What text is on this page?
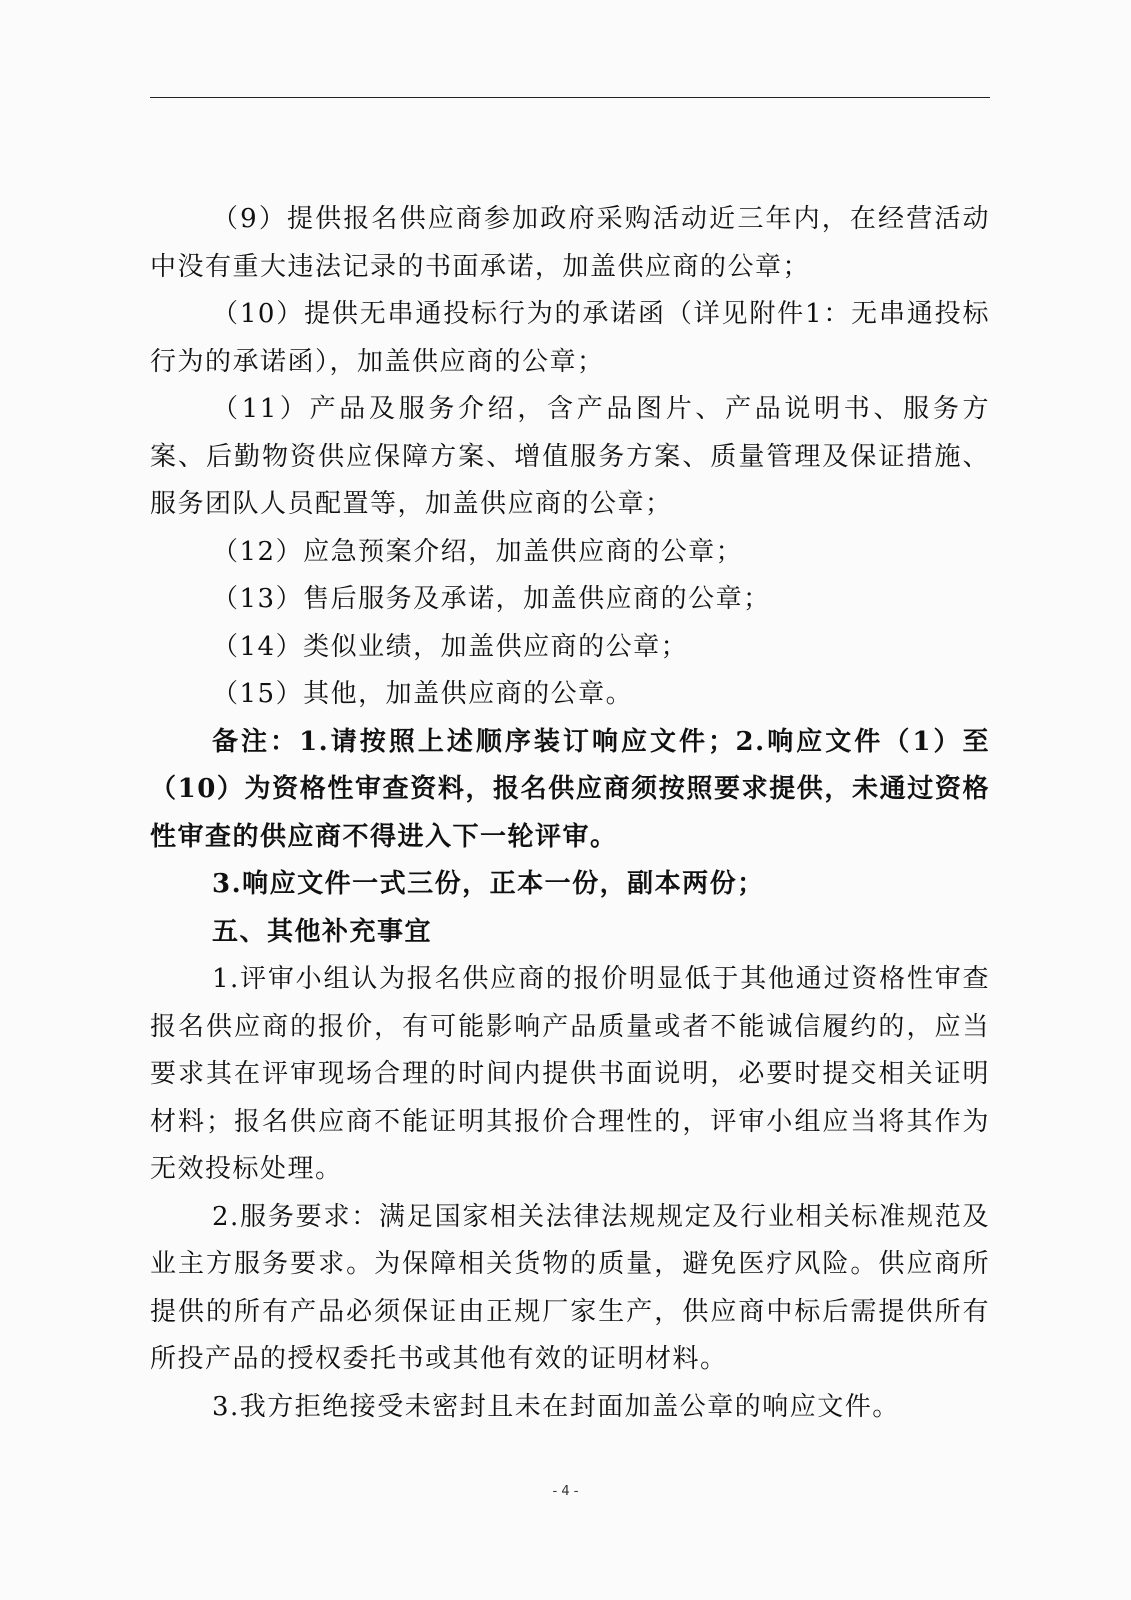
（9）提供报名供应商参加政府采购活动近三年内，在经营活动中没有重大违法记录的书面承诺，加盖供应商的公章；

（10）提供无串通投标行为的承诺函（详见附件1：无串通投标行为的承诺函），加盖供应商的公章；

（11）产品及服务介绍，含产品图片、产品说明书、服务方案、后勤物资供应保障方案、增值服务方案、质量管理及保证措施、服务团队人员配置等，加盖供应商的公章；

（12）应急预案介绍，加盖供应商的公章；

（13）售后服务及承诺，加盖供应商的公章；

（14）类似业绩，加盖供应商的公章；

（15）其他，加盖供应商的公章。

备注：1.请按照上述顺序装订响应文件；2.响应文件（1）至（10）为资格性审查资料，报名供应商须按照要求提供，未通过资格性审查的供应商不得进入下一轮评审。

3.响应文件一式三份，正本一份，副本两份；

五、其他补充事宜

1.评审小组认为报名供应商的报价明显低于其他通过资格性审查报名供应商的报价，有可能影响产品质量或者不能诚信履约的，应当要求其在评审现场合理的时间内提供书面说明，必要时提交相关证明材料；报名供应商不能证明其报价合理性的，评审小组应当将其作为无效投标处理。

2.服务要求：满足国家相关法律法规规定及行业相关标准规范及业主方服务要求。为保障相关货物的质量，避免医疗风险。供应商所提供的所有产品必须保证由正规厂家生产，供应商中标后需提供所有所投产品的授权委托书或其他有效的证明材料。

3.我方拒绝接受未密封且未在封面加盖公章的响应文件。

- 4 -
